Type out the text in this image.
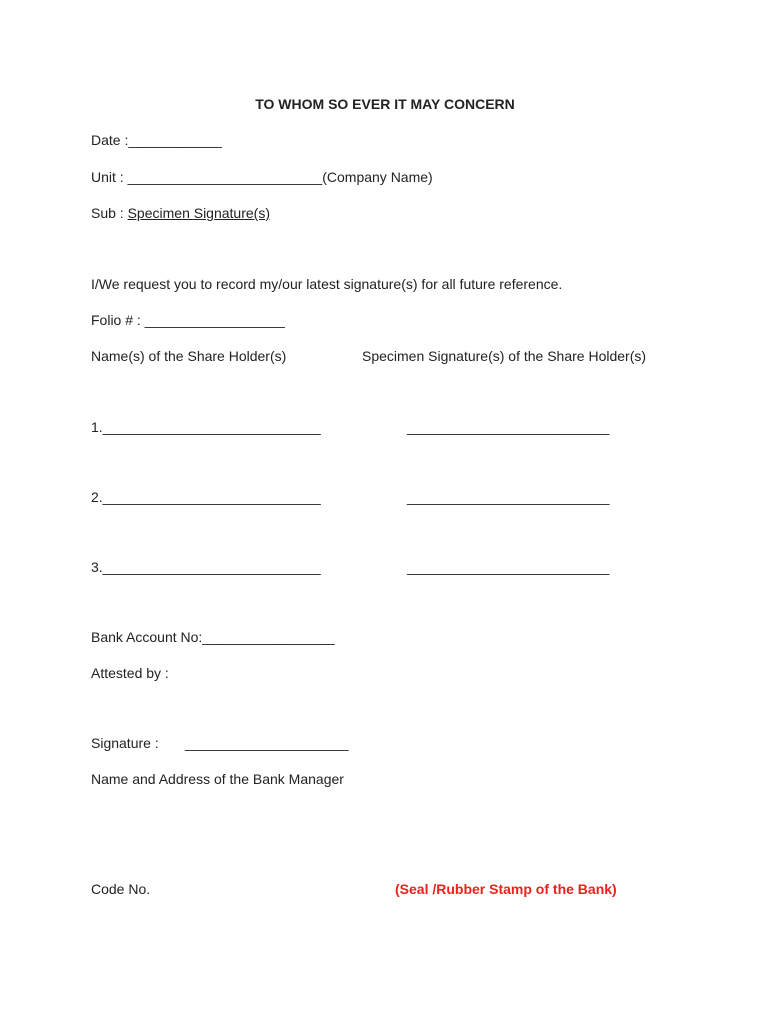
TO WHOM SO EVER IT MAY CONCERN
Date :____________
Unit : _________________________(Company Name)
Sub : Specimen Signature(s)
I/We request you to record my/our latest signature(s) for all future reference.
Folio # : __________________
Name(s) of the Share Holder(s)	Specimen Signature(s) of the Share Holder(s)
1.____________________________	__________________________
2.____________________________	__________________________
3.____________________________	__________________________
Bank Account No:_________________
Attested by :
Signature : _____________________
Name and Address of the Bank Manager
Code No.	(Seal /Rubber Stamp of the Bank)
